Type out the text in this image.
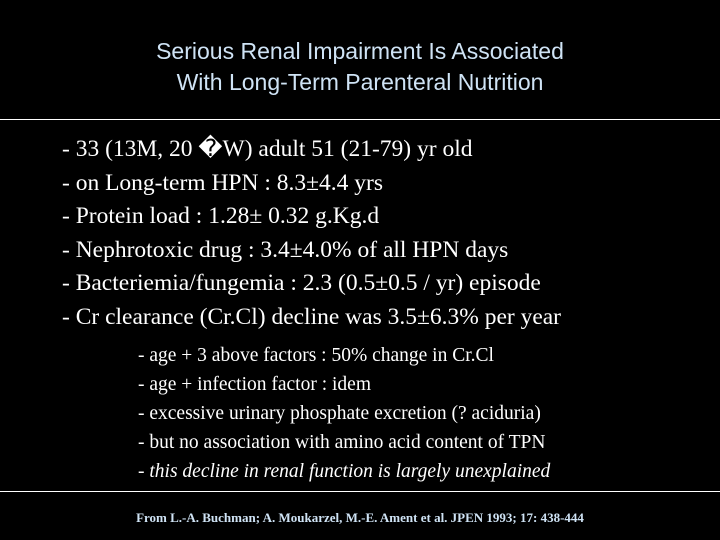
Serious Renal Impairment Is Associated
With Long-Term Parenteral Nutrition
- 33 (13M, 20 �W) adult 51 (21-79) yr old
- on Long-term HPN : 8.3±4.4 yrs
- Protein load : 1.28± 0.32 g.Kg.d
- Nephrotoxic drug : 3.4±4.0% of all HPN days
- Bacteriemia/fungemia : 2.3 (0.5±0.5 / yr) episode
- Cr clearance (Cr.Cl) decline was 3.5±6.3% per year
- age + 3 above factors : 50% change in Cr.Cl
- age + infection factor : idem
- excessive urinary phosphate excretion (? aciduria)
- but no association with amino acid content of TPN
- this decline in renal function is largely unexplained
From L.-A. Buchman; A. Moukarzel, M.-E. Ament et al. JPEN 1993; 17: 438-444
